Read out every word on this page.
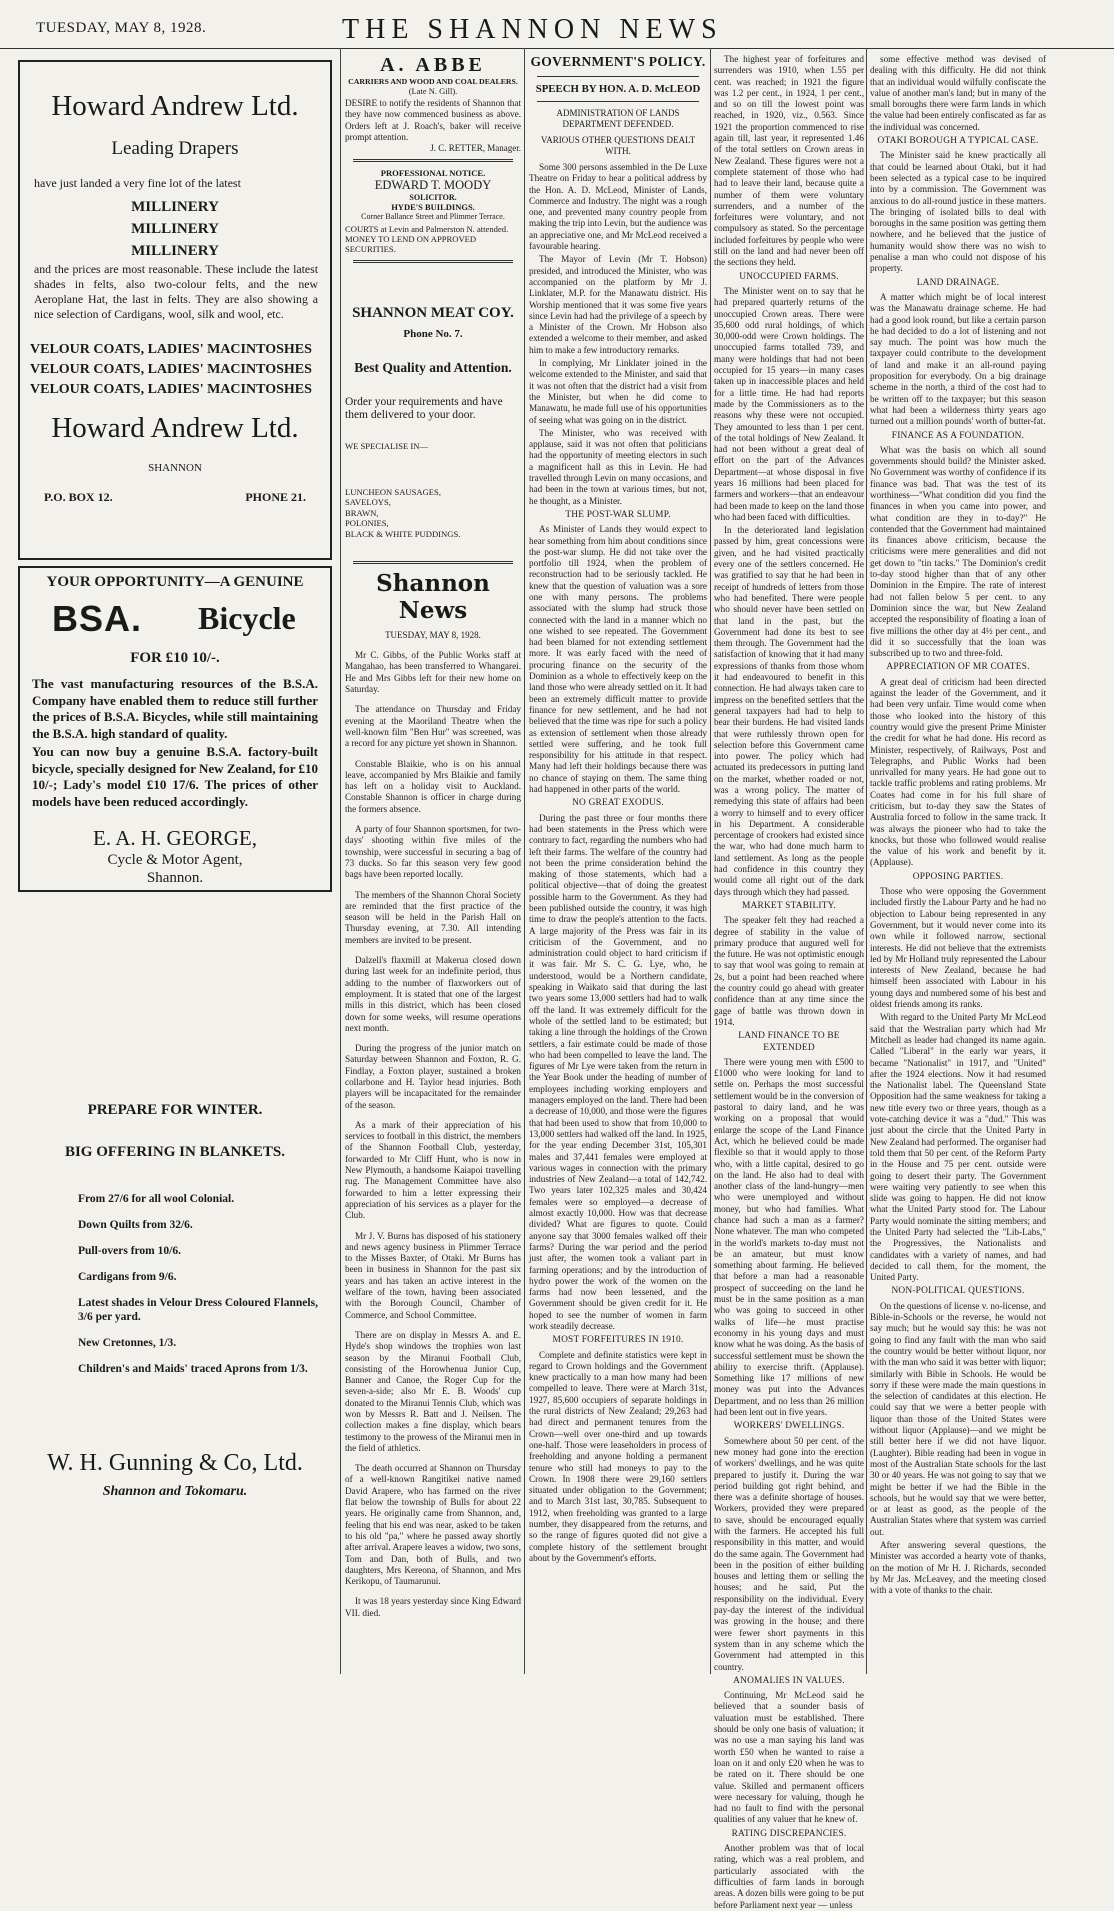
TUESDAY, MAY 8, 1928.	THE SHANNON NEWS
Howard Andrew Ltd.
Leading Drapers
have just landed a very fine lot of the latest
MILLINERY
MILLINERY
MILLINERY
and the prices are most reasonable. These include the latest shades in felts, also two-colour felts, and the new Aeroplane Hat, the last in felts. They are also showing a nice selection of Cardigans, wool, silk and wool, etc.
VELOUR COATS, LADIES' MACINTOSHES
VELOUR COATS, LADIES' MACINTOSHES
VELOUR COATS, LADIES' MACINTOSHES
Howard Andrew Ltd.
SHANNON
P.O. BOX 12.	PHONE 21.
YOUR OPPORTUNITY—A GENUINE
BSA. Bicycle
FOR £10 10/-.
The vast manufacturing resources of the B.S.A. Company have enabled them to reduce still further the prices of B.S.A. Bicycles, while still maintaining the B.S.A. high standard of quality.
You can now buy a genuine B.S.A. factory-built bicycle, specially designed for New Zealand, for £10 10/-; Lady's model £10 17/6. The prices of other models have been reduced accordingly.
E. A. H. GEORGE,
Cycle & Motor Agent,
Shannon.
PREPARE FOR WINTER.
BIG OFFERING IN BLANKETS.
From 27/6 for all wool Colonial.
Down Quilts from 32/6.
Pull-overs from 10/6.
Cardigans from 9/6.
Latest shades in Velour Dress Coloured Flannels, 3/6 per yard.
New Cretonnes, 1/3.
Children's and Maids' traced Aprons from 1/3.
W. H. Gunning & Co, Ltd.
Shannon and Tokomaru.
A. ABBE
CARRIERS AND WOOD AND COAL DEALERS.
(Late N. Gill).
DESIRE to notify the residents of Shannon that they have now commenced business as above. Orders left at J. Roach's, baker will receive prompt attention.
J. C. RETTER, Manager.
PROFESSIONAL NOTICE.
EDWARD T. MOODY
SOLICITOR.
HYDE'S BUILDINGS.
Corner Ballance Street and Plimmer Terrace.
COURTS at Levin and Palmerston N. attended.
MONEY TO LEND ON APPROVED SECURITIES.
SHANNON MEAT COY.
Phone No. 7.
Best Quality and Attention.
Order your requirements and have them delivered to your door.
WE SPECIALISE IN—
LUNCHEON SAUSAGES,
SAVELOYS,
BRAWN,
POLONIES,
BLACK & WHITE PUDDINGS.
Shannon News
TUESDAY, MAY 8, 1928.

Mr C. Gibbs, of the Public Works staff at Mangahao, has been transferred to Whangarei. He and Mrs Gibbs left for their new home on Saturday.

The attendance on Thursday and Friday evening at the Maoriland Theatre when the well-known film "Ben Hur" was screened, was a record for any picture yet shown in Shannon.

Constable Blaikie, who is on his annual leave, accompanied by Mrs Blaikie and family has left on a holiday visit to Auckland. Constable Shannon is officer in charge during the formers absence.

A party of four Shannon sportsmen, for two-days' shooting within five miles of the township, were successful in securing a bag of 73 ducks. So far this season very few good bags have been reported locally.

The members of the Shannon Choral Society are reminded that the first practice of the season will be held in the Parish Hall on Thursday evening, at 7.30. All intending members are invited to be present.

Dalzell's flaxmill at Makerua closed down during last week for an indefinite period, thus adding to the number of flaxworkers out of employment. It is stated that one of the largest mills in this district, which has been closed down for some weeks, will resume operations next month.

During the progress of the junior match on Saturday between Shannon and Foxton, R. G. Findlay, a Foxton player, sustained a broken collarbone and H. Taylor head injuries. Both players will be incapacitated for the remainder of the season.

As a mark of their appreciation of his services to football in this district, the members of the Shannon Football Club, yesterday, forwarded to Mr Cliff Hunt, who is now in New Plymouth, a handsome Kaiapoi travelling rug. The Management Committee have also forwarded to him a letter expressing their appreciation of his services as a player for the Club.

Mr J. V. Burns has disposed of his stationery and news agency business in Plimmer Terrace to the Misses Baxter, of Otaki. Mr Burns has been in business in Shannon for the past six years and has taken an active interest in the welfare of the town, having been associated with the Borough Council, Chamber of Commerce, and School Committee.

There are on display in Messrs A. and E. Hyde's shop windows the trophies won last season by the Miranui Football Club, consisting of the Horowhenua Junior Cup, Banner and Canoe, the Roger Cup for the seven-a-side; also Mr E. B. Woods' cup donated to the Miranui Tennis Club, which was won by Messrs R. Batt and J. Neilsen. The collection makes a fine display, which bears testimony to the prowess of the Miranui men in the field of athletics.

The death occurred at Shannon on Thursday of a well-known Rangitikei native named David Arapere, who has farmed on the river flat below the township of Bulls for about 22 years. He originally came from Shannon, and, feeling that his end was near, asked to be taken to his old "pa," where he passed away shortly after arrival. Arapere leaves a widow, two sons, Tom and Dan, both of Bulls, and two daughters, Mrs Kereona, of Shannon, and Mrs Kerikopu, of Taumarunui.

It was 18 years yesterday since King Edward VII. died.

GOVERNMENT'S POLICY.
SPEECH BY HON. A. D. McLEOD
ADMINISTRATION OF LANDS DEPARTMENT DEFENDED.
VARIOUS OTHER QUESTIONS DEALT WITH.

Some 300 persons assembled in the De Luxe Theatre on Friday to hear a political address by the Hon. A. D. McLeod, Minister of Lands, Commerce and Industry. The night was a rough one, and prevented many country people from making the trip into Levin, but the audience was an appreciative one, and Mr McLeod received a favourable hearing.

The Mayor of Levin (Mr T. Hobson) presided, and introduced the Minister, who was accompanied on the platform by Mr J. Linklater, M.P. for the Manawatu district. His Worship mentioned that it was some five years since Levin had had the privilege of a speech by a Minister of the Crown. Mr Hobson also extended a welcome to their member, and asked him to make a few introductory remarks.

In complying, Mr Linklater joined in the welcome extended to the Minister, and said that it was not often that the district had a visit from the Minister, but when he did come to Manawatu, he made full use of his opportunities of seeing what was going on in the district.

The Minister, who was received with applause, said it was not often that politicians had the opportunity of meeting electors in such a magnificent hall as this in Levin. He had travelled through Levin on many occasions, and had been in the town at various times, but not, he thought, as a Minister.

THE POST-WAR SLUMP.

As Minister of Lands they would expect to hear something from him about conditions since the post-war slump. He did not take over the portfolio till 1924, when the problem of reconstruction had to be seriously tackled. He knew that the question of valuation was a sore one with many persons. The problems associated with the slump had struck those connected with the land in a manner which no one wished to see repeated. The Government had been blamed for not extending settlement more. It was early faced with the need of procuring finance on the security of the Dominion as a whole to effectively keep on the land those who were already settled on it. It had been an extremely difficult matter to provide finance for new settlement, and he had not believed that the time was ripe for such a policy as extension of settlement when those already settled were suffering, and he took full responsibility for his attitude in that respect. Many had left their holdings because there was no chance of staying on them. The same thing had happened in other parts of the world.

NO GREAT EXODUS.

During the past three or four months there had been statements in the Press which were contrary to fact, regarding the numbers who had left their farms. The welfare of the country had not been the prime consideration behind the making of those statements, which had a political objective—that of doing the greatest possible harm to the Government. As they had been published outside the country, it was high time to draw the people's attention to the facts. A large majority of the Press was fair in its criticism of the Government, and no administration could object to hard criticism if it was fair. Mr S. C. G. Lye, who, he understood, would be a Northern candidate, speaking in Waikato said that during the last two years some 13,000 settlers had had to walk off the land. It was extremely difficult for the whole of the settled land to be estimated; but taking a line through the holdings of the Crown settlers, a fair estimate could be made of those who had been compelled to leave the land. The figures of Mr Lye were taken from the return in the Year Book under the heading of number of employees including working employers and managers employed on the land. There had been a decrease of 10,000, and those were the figures that had been used to show that from 10,000 to 13,000 settlers had walked off the land. In 1925, for the year ending December 31st, 105,301 males and 37,441 females were employed at various wages in connection with the primary industries of New Zealand—a total of 142,742. Two years later 102,325 males and 30,424 females were so employed—a decrease of almost exactly 10,000. How was that decrease divided? What are figures to quote. Could anyone say that 3000 females walked off their farms? During the war period and the period just after, the women took a valiant part in farming operations; and by the introduction of hydro power the work of the women on the farms had now been lessened, and the Government should be given credit for it. He hoped to see the number of women in farm work steadily decrease.

MOST FORFEITURES IN 1910.

Complete and definite statistics were kept in regard to Crown holdings and the Government knew practically to a man how many had been compelled to leave. There were at March 31st, 1927, 85,600 occupiers of separate holdings in the rural districts of New Zealand; 29,263 had had direct and permanent tenures from the Crown—well over one-third and up towards one-half. Those were leaseholders in process of freeholding and anyone holding a permanent tenure who still had moneys to pay to the Crown. In 1908 there were 29,160 settlers situated under obligation to the Government; and to March 31st last, 30,785. Subsequent to 1912, when freeholding was granted to a large number, they disappeared from the returns, and so the range of figures quoted did not give a complete history of the settlement brought about by the Government's efforts.

The highest year of forfeitures and surrenders was 1910, when 1.55 per cent. was reached; in 1921 the figure was 1.2 per cent., in 1924, 1 per cent., and so on till the lowest point was reached, in 1920, viz., 0.563. Since 1921 the proportion commenced to rise again till, last year, it represented 1.46 of the total settlers on Crown areas in New Zealand. These figures were not a complete statement of those who had had to leave their land, because quite a number of them were voluntary surrenders, and a number of the forfeitures were voluntary, and not compulsory as stated. So the percentage included forfeitures by people who were still on the land and had never been off the sections they held.

UNOCCUPIED FARMS.

The Minister went on to say that he had prepared quarterly returns of the unoccupied Crown areas. There were 35,600 odd rural holdings, of which 30,000-odd were Crown holdings. The unoccupied farms totalled 739, and many were holdings that had not been occupied for 15 years—in many cases taken up in inaccessible places and held for a little time. He had had reports made by the Commissioners as to the reasons why these were not occupied. They amounted to less than 1 per cent. of the total holdings of New Zealand. It had not been without a great deal of effort on the part of the Advances Department—at whose disposal in five years 16 millions had been placed for farmers and workers—that an endeavour had been made to keep on the land those who had been faced with difficulties.

In the deteriorated land legislation passed by him, great concessions were given, and he had visited practically every one of the settlers concerned. He was gratified to say that he had been in receipt of hundreds of letters from those who had benefited. There were people who should never have been settled on that land in the past, but the Government had done its best to see them through. The Government had the satisfaction of knowing that it had many expressions of thanks from those whom it had endeavoured to benefit in this connection. He had always taken care to impress on the benefited settlers that the general taxpayers had had to help to bear their burdens. He had visited lands that were ruthlessly thrown open for selection before this Government came into power. The policy which had actuated its predecessors in putting land on the market, whether roaded or not, was a wrong policy. The matter of remedying this state of affairs had been a worry to himself and to every officer in his Department. A considerable percentage of crookers had existed since the war, who had done much harm to land settlement. As long as the people had confidence in this country they would come all right out of the dark days through which they had passed.

MARKET STABILITY.

The speaker felt they had reached a degree of stability in the value of primary produce that augured well for the future. He was not optimistic enough to say that wool was going to remain at 2s, but a point had been reached where the country could go ahead with greater confidence than at any time since the gage of battle was thrown down in 1914.

LAND FINANCE TO BE EXTENDED

There were young men with £500 to £1000 who were looking for land to settle on. Perhaps the most successful settlement would be in the conversion of pastoral to dairy land, and he was working on a proposal that would enlarge the scope of the Land Finance Act, which he believed could be made flexible so that it would apply to those who, with a little capital, desired to go on the land. He also had to deal with another class of the land-hungry—men who were unemployed and without money, but who had families. What chance had such a man as a farmer? None whatever. The man who competed in the world's markets to-day must not be an amateur, but must know something about farming. He believed that before a man had a reasonable prospect of succeeding on the land he must be in the same position as a man who was going to succeed in other walks of life—he must practise economy in his young days and must know what he was doing. As the basis of successful settlement must be shown the ability to exercise thrift. (Applause). Something like 17 millions of new money was put into the Advances Department, and no less than 26 million had been lent out in five years.

WORKERS' DWELLINGS.

Somewhere about 50 per cent. of the new money had gone into the erection of workers' dwellings, and he was quite prepared to justify it. During the war period building got right behind, and there was a definite shortage of houses. Workers, provided they were prepared to save, should be encouraged equally with the farmers. He accepted his full responsibility in this matter, and would do the same again. The Government had been in the position of either building houses and letting them or selling the houses; and he said, Put the responsibility on the individual. Every pay-day the interest of the individual was growing in the house; and there were fewer short payments in this system than in any scheme which the Government had attempted in this country.

ANOMALIES IN VALUES.

Continuing, Mr McLeod said he believed that a sounder basis of valuation must be established. There should be only one basis of valuation; it was no use a man saying his land was worth £50 when he wanted to raise a loan on it and only £20 when he was to be rated on it. There should be one value. Skilled and permanent officers were necessary for valuing, though he had no fault to find with the personal qualities of any valuer that he knew of.

RATING DISCREPANCIES.

Another problem was that of local rating, which was a real problem, and particularly associated with the difficulties of farm lands in borough areas. A dozen bills were going to be put before Parliament next year — unless

some effective method was devised of dealing with this difficulty. He did not think that an individual would wilfully confiscate the value of another man's land; but in many of the small boroughs there were farm lands in which the value had been entirely confiscated as far as the individual was concerned.

OTAKI BOROUGH A TYPICAL CASE.

The Minister said he knew practically all that could be learned about Otaki, but it had been selected as a typical case to be inquired into by a commission. The Government was anxious to do all-round justice in these matters. The bringing of isolated bills to deal with boroughs in the same position was getting them nowhere, and he believed that the justice of humanity would show there was no wish to penalise a man who could not dispose of his property.

LAND DRAINAGE.

A matter which might be of local interest was the Manawatu drainage scheme. He had had a good look round, but like a certain parson he had decided to do a lot of listening and not say much. The point was how much the taxpayer could contribute to the development of land and make it an all-round paying proposition for everybody. On a big drainage scheme in the north, a third of the cost had to be written off to the taxpayer; but this season what had been a wilderness thirty years ago turned out a million pounds' worth of butter-fat.

FINANCE AS A FOUNDATION.

What was the basis on which all sound governments should build? the Minister asked. No Government was worthy of confidence if its finance was bad. That was the test of its worthiness—"What condition did you find the finances in when you came into power, and what condition are they in to-day?" He contended that the Government had maintained its finances above criticism, because the criticisms were mere generalities and did not get down to "tin tacks." The Dominion's credit to-day stood higher than that of any other Dominion in the Empire. The rate of interest had not fallen below 5 per cent. to any Dominion since the war, but New Zealand accepted the responsibility of floating a loan of five millions the other day at 4½ per cent., and did it so successfully that the loan was subscribed up to two and three-fold.

APPRECIATION OF MR COATES.

A great deal of criticism had been directed against the leader of the Government, and it had been very unfair. Time would come when those who looked into the history of this country would give the present Prime Minister the credit for what he had done. His record as Minister, respectively, of Railways, Post and Telegraphs, and Public Works had been unrivalled for many years. He had gone out to tackle traffic problems and rating problems. Mr Coates had come in for his full share of criticism, but to-day they saw the States of Australia forced to follow in the same track. It was always the pioneer who had to take the knocks, but those who followed would realise the value of his work and benefit by it. (Applause).

OPPOSING PARTIES.

Those who were opposing the Government included firstly the Labour Party and he had no objection to Labour being represented in any Government, but it would never come into its own while it followed narrow, sectional interests. He did not believe that the extremists led by Mr Holland truly represented the Labour interests of New Zealand, because he had himself been associated with Labour in his young days and numbered some of his best and oldest friends among its ranks.

With regard to the United Party Mr McLeod said that the Westralian party which had Mr Mitchell as leader had changed its name again. Called "Liberal" in the early war years, it became "Nationalist" in 1917, and "United" after the 1924 elections. Now it had resumed the Nationalist label. The Queensland State Opposition had the same weakness for taking a new title every two or three years, though as a vote-catching device it was a "dud." This was just about the circle that the United Party in New Zealand had performed. The organiser had told them that 50 per cent. of the Reform Party in the House and 75 per cent. outside were going to desert their party. The Government were waiting very patiently to see when this slide was going to happen. He did not know what the United Party stood for. The Labour Party would nominate the sitting members; and the United Party had selected the "Lib-Labs," the Progressives, the Nationalists and candidates with a variety of names, and had decided to call them, for the moment, the United Party.

NON-POLITICAL QUESTIONS.

On the questions of license v. no-license, and Bible-in-Schools or the reverse, he would not say much; but he would say this: he was not going to find any fault with the man who said the country would be better without liquor, nor with the man who said it was better with liquor; similarly with Bible in Schools. He would be sorry if these were made the main questions in the selection of candidates at this election. He could say that we were a better people with liquor than those of the United States were without liquor (Applause)—and we might be still better here if we did not have liquor. (Laughter). Bible reading had been in vogue in most of the Australian State schools for the last 30 or 40 years. He was not going to say that we might be better if we had the Bible in the schools, but he would say that we were better, or at least as good, as the people of the Australian States where that system was carried out.

After answering several questions, the Minister was accorded a hearty vote of thanks, on the motion of Mr H. J. Richards, seconded by Mr Jas. McLeavey, and the meeting closed with a vote of thanks to the chair.
